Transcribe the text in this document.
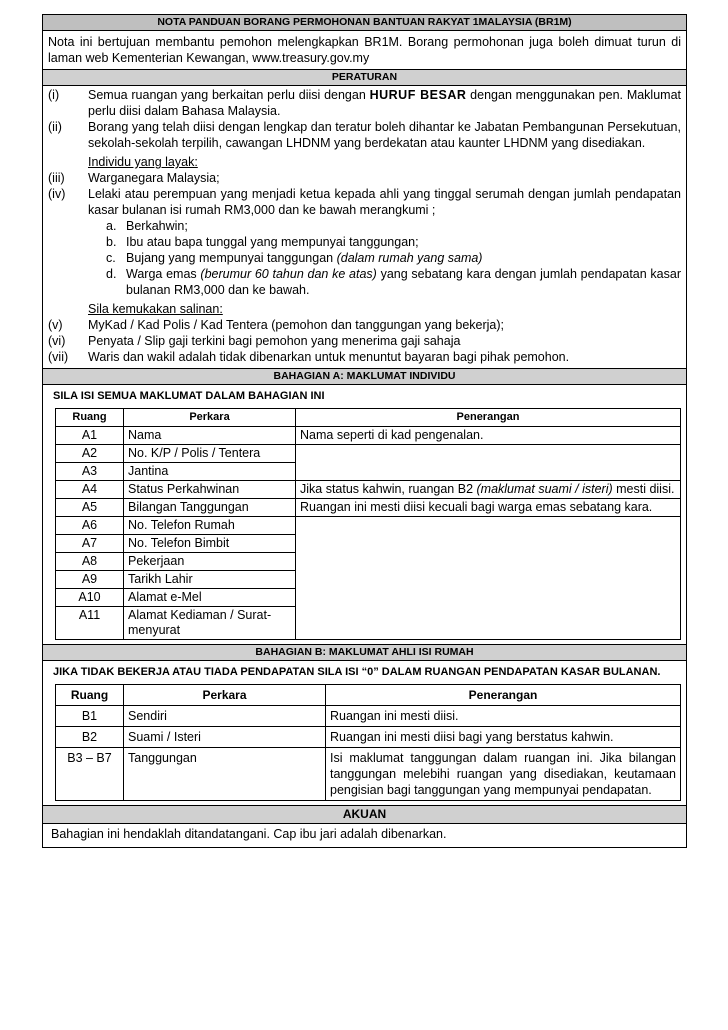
NOTA PANDUAN BORANG PERMOHONAN BANTUAN RAKYAT 1MALAYSIA (BR1M)
Nota ini bertujuan membantu pemohon melengkapkan BR1M. Borang permohonan juga boleh dimuat turun di laman web Kementerian Kewangan, www.treasury.gov.my
PERATURAN
(i)	Semua ruangan yang berkaitan perlu diisi dengan HURUF BESAR dengan menggunakan pen. Maklumat perlu diisi dalam Bahasa Malaysia.
(ii)	Borang yang telah diisi dengan lengkap dan teratur boleh dihantar ke Jabatan Pembangunan Persekutuan, sekolah-sekolah terpilih, cawangan LHDNM yang berdekatan atau kaunter LHDNM yang disediakan.
Individu yang layak:
(iii)	Warganegara Malaysia;
(iv)	Lelaki atau perempuan yang menjadi ketua kepada ahli yang tinggal serumah dengan jumlah pendapatan kasar bulanan isi rumah RM3,000 dan ke bawah merangkumi ;
a. Berkahwin;
b. Ibu atau bapa tunggal yang mempunyai tanggungan;
c. Bujang yang mempunyai tanggungan (dalam rumah yang sama)
d. Warga emas (berumur 60 tahun dan ke atas) yang sebatang kara dengan jumlah pendapatan kasar bulanan RM3,000 dan ke bawah.
Sila kemukakan salinan:
(v)	MyKad / Kad Polis / Kad Tentera (pemohon dan tanggungan yang bekerja);
(vi)	Penyata / Slip gaji terkini bagi pemohon yang menerima gaji sahaja
(vii)	Waris dan wakil adalah tidak dibenarkan untuk menuntut bayaran bagi pihak pemohon.
BAHAGIAN A: MAKLUMAT INDIVIDU
SILA ISI SEMUA MAKLUMAT DALAM BAHAGIAN INI
Ruang	Perkara	Penerangan
A1	Nama	Nama seperti di kad pengenalan.
A2	No. K/P / Polis / Tentera	
A3	Jantina	
A4	Status Perkahwinan	Jika status kahwin, ruangan B2 (maklumat suami / isteri) mesti diisi.
A5	Bilangan Tanggungan	Ruangan ini mesti diisi kecuali bagi warga emas sebatang kara.
A6	No. Telefon Rumah	
A7	No. Telefon Bimbit	
A8	Pekerjaan	
A9	Tarikh Lahir	
A10	Alamat e-Mel	
A11	Alamat Kediaman / Surat-menyurat	
BAHAGIAN B: MAKLUMAT AHLI ISI RUMAH
JIKA TIDAK BEKERJA ATAU TIADA PENDAPATAN SILA ISI “0” DALAM RUANGAN PENDAPATAN KASAR BULANAN.
Ruang	Perkara	Penerangan
B1	Sendiri	Ruangan ini mesti diisi.
B2	Suami / Isteri	Ruangan ini mesti diisi bagi yang berstatus kahwin.
B3 – B7	Tanggungan	Isi maklumat tanggungan dalam ruangan ini. Jika bilangan tanggungan melebihi ruangan yang disediakan, keutamaan pengisian bagi tanggungan yang mempunyai pendapatan.
AKUAN
Bahagian ini hendaklah ditandatangani. Cap ibu jari adalah dibenarkan.
